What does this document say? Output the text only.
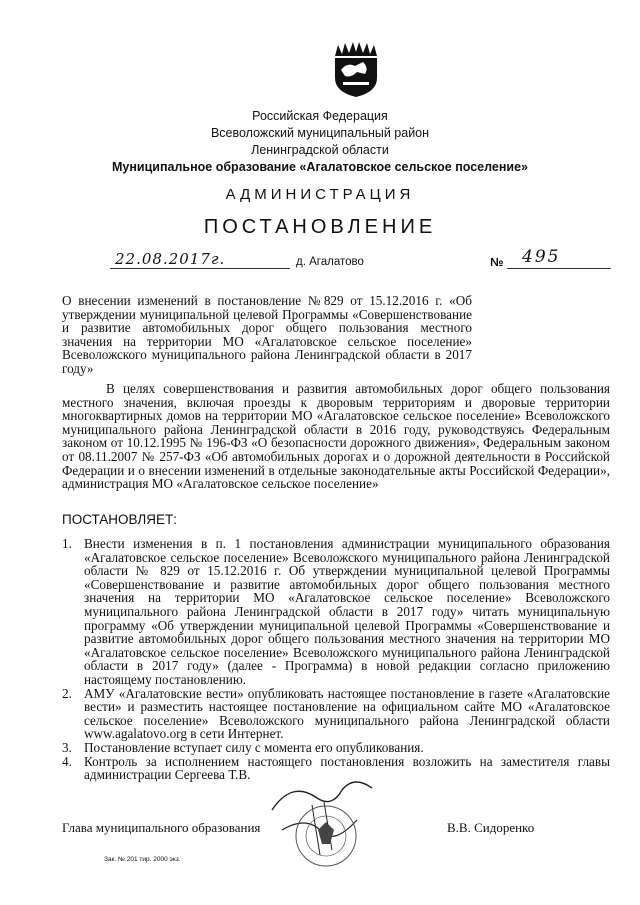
Российская Федерация
Всеволожский муниципальный район
Ленинградской области
Муниципальное образование «Агалатовское сельское поселение»
АДМИНИСТРАЦИЯ
ПОСТАНОВЛЕНИЕ
22.08.2017г.	д. Агалатово	№ 495
О внесении изменений в постановление №829 от 15.12.2016 г. «Об утверждении муниципальной целевой Программы «Совершенствование и развитие автомобильных дорог общего пользования местного значения на территории МО «Агалатовское сельское поселение» Всеволожского муниципального района Ленинградской области в 2017 году»
В целях совершенствования и развития автомобильных дорог общего пользования местного значения, включая проезды к дворовым территориям и дворовые территории многоквартирных домов на территории МО «Агалатовское сельское поселение» Всеволожского муниципального района Ленинградской области в 2016 году, руководствуясь Федеральным законом от 10.12.1995 № 196-ФЗ «О безопасности дорожного движения», Федеральным законом от 08.11.2007 № 257-ФЗ «Об автомобильных дорогах и о дорожной деятельности в Российской Федерации и о внесении изменений в отдельные законодательные акты Российской Федерации», администрация МО «Агалатовское сельское поселение»
ПОСТАНОВЛЯЕТ:
1. Внести изменения в п. 1 постановления администрации муниципального образования «Агалатовское сельское поселение» Всеволожского муниципального района Ленинградской области № 829 от 15.12.2016 г. Об утверждении муниципальной целевой Программы «Совершенствование и развитие автомобильных дорог общего пользования местного значения на территории МО «Агалатовское сельское поселение» Всеволожского муниципального района Ленинградской области в 2017 году» читать муниципальную программу «Об утверждении муниципальной целевой Программы «Совершенствование и развитие автомобильных дорог общего пользования местного значения на территории МО «Агалатовское сельское поселение» Всеволожского муниципального района Ленинградской области в 2017 году» (далее - Программа) в новой редакции согласно приложению настоящему постановлению.
2. АМУ «Агалатовские вести» опубликовать настоящее постановление в газете «Агалатовские вести» и разместить настоящее постановление на официальном сайте МО «Агалатовское сельское поселение» Всеволожского муниципального района Ленинградской области www.agalatovo.org в сети Интернет.
3. Постановление вступает силу с момента его опубликования.
4. Контроль за исполнением настоящего постановления возложить на заместителя главы администрации Сергеева Т.В.
Глава муниципального образования	В.В. Сидоренко
Зак. № 201 тир. 2000 экз.
